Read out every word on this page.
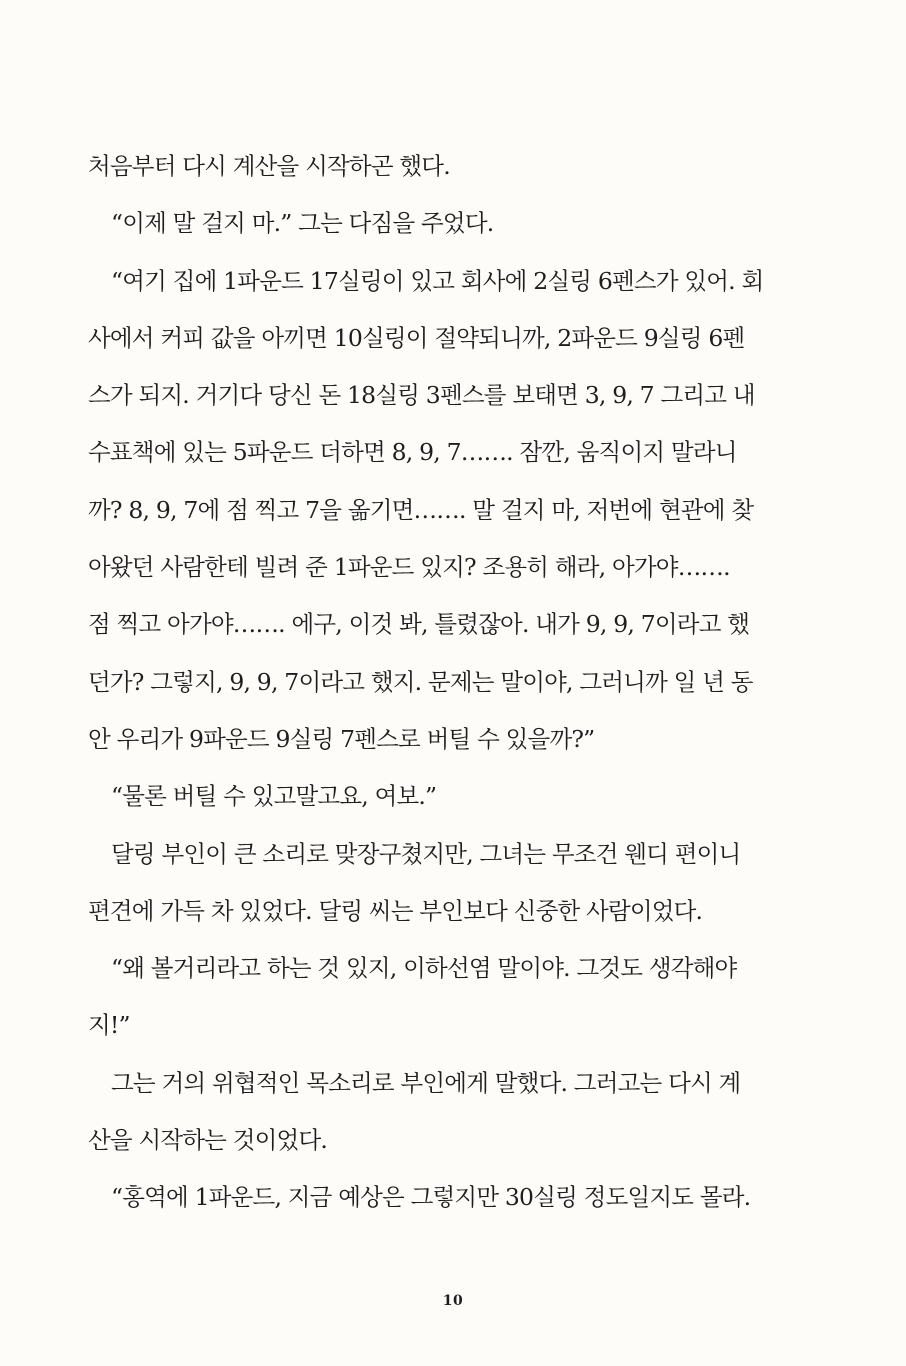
처음부터 다시 계산을 시작하곤 했다.
“이제 말 걸지 마.” 그는 다짐을 주었다.
“여기 집에 1파운드 17실링이 있고 회사에 2실링 6펜스가 있어. 회
사에서 커피 값을 아끼면 10실링이 절약되니까, 2파운드 9실링 6펜
스가 되지. 거기다 당신 돈 18실링 3펜스를 보태면 3, 9, 7 그리고 내
수표책에 있는 5파운드 더하면 8, 9, 7……. 잠깐, 움직이지 말라니
까? 8, 9, 7에 점 찍고 7을 옮기면……. 말 걸지 마, 저번에 현관에 찾
아왔던 사람한테 빌려 준 1파운드 있지? 조용히 해라, 아가야…….
점 찍고 아가야……. 에구, 이것 봐, 틀렸잖아. 내가 9, 9, 7이라고 했
던가? 그렇지, 9, 9, 7이라고 했지. 문제는 말이야, 그러니까 일 년 동
안 우리가 9파운드 9실링 7펜스로 버틸 수 있을까?”
“물론 버틸 수 있고말고요, 여보.”
달링 부인이 큰 소리로 맞장구쳤지만, 그녀는 무조건 웬디 편이니
편견에 가득 차 있었다. 달링 씨는 부인보다 신중한 사람이었다.
“왜 볼거리라고 하는 것 있지, 이하선염 말이야. 그것도 생각해야
지!”
그는 거의 위협적인 목소리로 부인에게 말했다. 그러고는 다시 계
산을 시작하는 것이었다.
“홍역에 1파운드, 지금 예상은 그렇지만 30실링 정도일지도 몰라.
10
